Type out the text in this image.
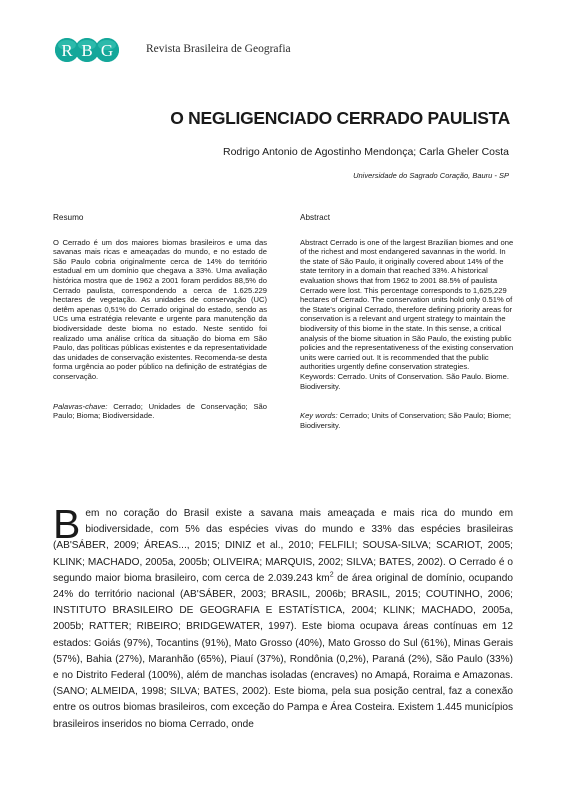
R B G	Revista Brasileira de Geografia
O NEGLIGENCIADO CERRADO PAULISTA
Rodrigo Antonio de Agostinho Mendonça; Carla Gheler Costa
Universidade do Sagrado Coração, Bauru - SP
Resumo

O Cerrado é um dos maiores biomas brasileiros e uma das savanas mais ricas e ameaçadas do mundo, e no estado de São Paulo cobria originalmente cerca de 14% do território estadual em um domínio que chegava a 33%. Uma avaliação histórica mostra que de 1962 a 2001 foram perdidos 88,5% do Cerrado paulista, correspondendo a cerca de 1.625.229 hectares de vegetação. As unidades de conservação (UC) detêm apenas 0,51% do Cerrado original do estado, sendo as UCs uma estratégia relevante e urgente para manutenção da biodiversidade deste bioma no estado. Neste sentido foi realizado uma análise crítica da situação do bioma em São Paulo, das políticas públicas existentes e da representatividade das unidades de conservação existentes. Recomenda-se desta forma urgência ao poder público na definição de estratégias de conservação.

Palavras-chave: Cerrado; Unidades de Conservação; São Paulo; Bioma; Biodiversidade.

Abstract

Abstract Cerrado is one of the largest Brazilian biomes and one of the richest and most endangered savannas in the world. In the state of São Paulo, it originally covered about 14% of the state territory in a domain that reached 33%. A historical evaluation shows that from 1962 to 2001 88.5% of paulista Cerrado were lost. This percentage corresponds to 1,625,229 hectares of Cerrado. The conservation units hold only 0.51% of the State's original Cerrado, therefore defining priority areas for conservation is a relevant and urgent strategy to maintain the biodiversity of this biome in the state. In this sense, a critical analysis of the biome situation in São Paulo, the existing public policies and the representativeness of the existing conservation units were carried out. It is recommended that the public authorities urgently define conservation strategies.

Keywords: Cerrado. Units of Conservation. São Paulo. Biome. Biodiversity.

Key words: Cerrado; Units of Conservation; São Paulo; Biome; Biodiversity.

Bem no coração do Brasil existe a savana mais ameaçada e mais rica do mundo em biodiversidade, com 5% das espécies vivas do mundo e 33% das espécies brasileiras (AB'SÁBER, 2009; ÁREAS..., 2015; DINIZ et al., 2010; FELFILI; SOUSA-SILVA; SCARIOT, 2005; KLINK; MACHADO, 2005a, 2005b; OLIVEIRA; MARQUIS, 2002; SILVA; BATES, 2002). O Cerrado é o segundo maior bioma brasileiro, com cerca de 2.039.243 $km^2$ de área original de domínio, ocupando 24% do território nacional (AB'SÁBER, 2003; BRASIL, 2006b; BRASIL, 2015; COUTINHO, 2006; INSTITUTO BRASILEIRO DE GEOGRAFIA E ESTATÍSTICA, 2004; KLINK; MACHADO, 2005a, 2005b; RATTER; RIBEIRO; BRIDGEWATER, 1997). Este bioma ocupava áreas contínuas em 12 estados: Goiás (97%), Tocantins (91%), Mato Grosso (40%), Mato Grosso do Sul (61%), Minas Gerais (57%), Bahia (27%), Maranhão (65%), Piauí (37%), Rondônia (0,2%), Paraná (2%), São Paulo (33%) e no Distrito Federal (100%), além de manchas isoladas (encraves) no Amapá, Roraima e Amazonas. (SANO; ALMEIDA, 1998; SILVA; BATES, 2002). Este bioma, pela sua posição central, faz a conexão entre os outros biomas brasileiros, com exceção do Pampa e Área Costeira. Existem 1.445 municípios brasileiros inseridos no bioma Cerrado, onde
